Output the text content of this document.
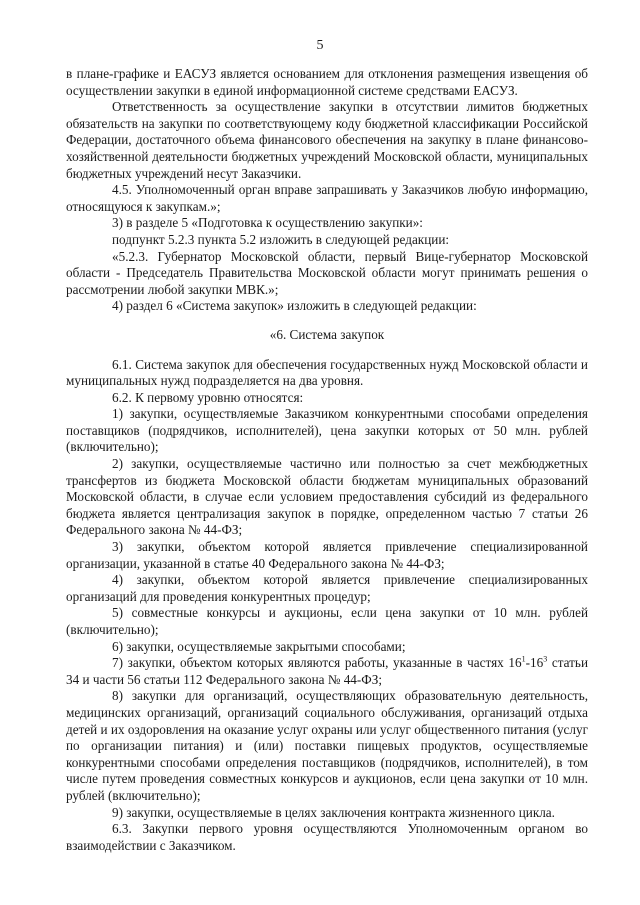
5

в плане-графике и ЕАСУЗ является основанием для отклонения размещения извещения об осуществлении закупки в единой информационной системе средствами ЕАСУЗ.

Ответственность за осуществление закупки в отсутствии лимитов бюджетных обязательств на закупки по соответствующему коду бюджетной классификации Российской Федерации, достаточного объема финансового обеспечения на закупку в плане финансово-хозяйственной деятельности бюджетных учреждений Московской области, муниципальных бюджетных учреждений несут Заказчики.

4.5. Уполномоченный орган вправе запрашивать у Заказчиков любую информацию, относящуюся к закупкам.»;

3) в разделе 5 «Подготовка к осуществлению закупки»:

подпункт 5.2.3 пункта 5.2 изложить в следующей редакции:

«5.2.3. Губернатор Московской области, первый Вице-губернатор Московской области - Председатель Правительства Московской области могут принимать решения о рассмотрении любой закупки МВК.»;

4) раздел 6 «Система закупок» изложить в следующей редакции:

«6. Система закупок

6.1. Система закупок для обеспечения государственных нужд Московской области и муниципальных нужд подразделяется на два уровня.

6.2. К первому уровню относятся:

1) закупки, осуществляемые Заказчиком конкурентными способами определения поставщиков (подрядчиков, исполнителей), цена закупки которых от 50 млн. рублей (включительно);

2) закупки, осуществляемые частично или полностью за счет межбюджетных трансфертов из бюджета Московской области бюджетам муниципальных образований Московской области, в случае если условием предоставления субсидий из федерального бюджета является централизация закупок в порядке, определенном частью 7 статьи 26 Федерального закона № 44-ФЗ;

3) закупки, объектом которой является привлечение специализированной организации, указанной в статье 40 Федерального закона № 44-ФЗ;

4) закупки, объектом которой является привлечение специализированных организаций для проведения конкурентных процедур;

5) совместные конкурсы и аукционы, если цена закупки от 10 млн. рублей (включительно);

6) закупки, осуществляемые закрытыми способами;

7) закупки, объектом которых являются работы, указанные в частях $16^1-16^3$ статьи 34 и части 56 статьи 112 Федерального закона № 44-ФЗ;

8) закупки для организаций, осуществляющих образовательную деятельность, медицинских организаций, организаций социального обслуживания, организаций отдыха детей и их оздоровления на оказание услуг охраны или услуг общественного питания (услуг по организации питания) и (или) поставки пищевых продуктов, осуществляемые конкурентными способами определения поставщиков (подрядчиков, исполнителей), в том числе путем проведения совместных конкурсов и аукционов, если цена закупки от 10 млн. рублей (включительно);

9) закупки, осуществляемые в целях заключения контракта жизненного цикла.

6.3. Закупки первого уровня осуществляются Уполномоченным органом во взаимодействии с Заказчиком.
